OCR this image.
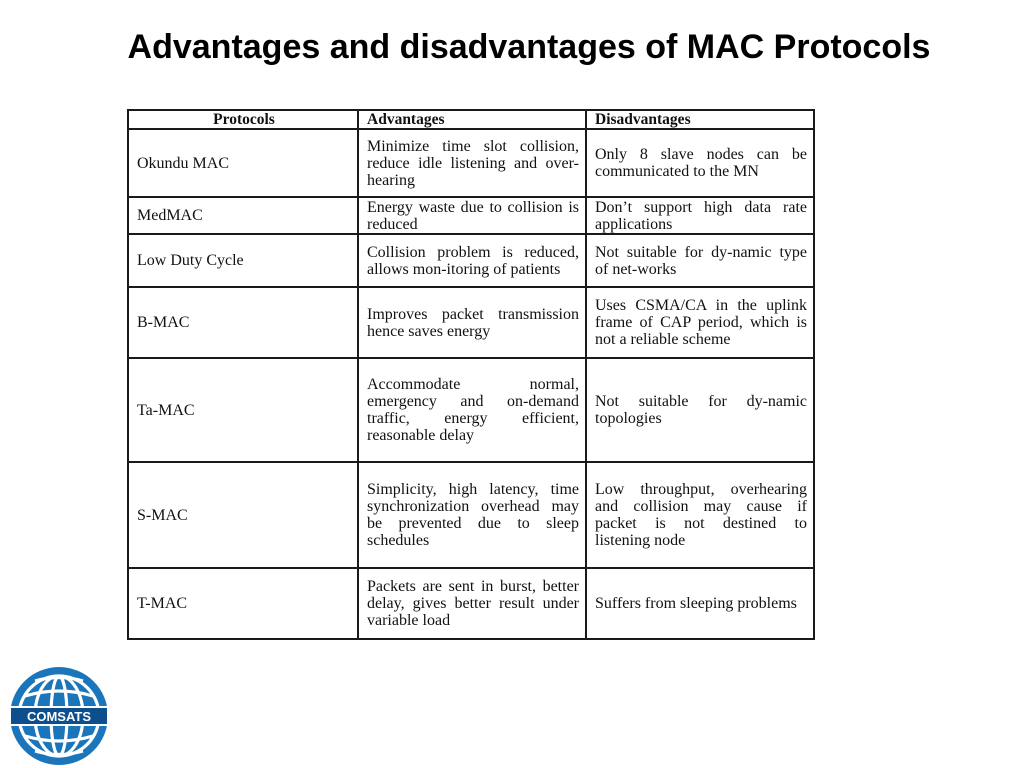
Advantages and disadvantages of MAC Protocols
Protocols	Advantages	Disadvantages
Okundu MAC	Minimize time slot collision, reduce idle listening and over-hearing	Only 8 slave nodes can be communicated to the MN
MedMAC	Energy waste due to collision is reduced	Don’t support high data rate applications
Low Duty Cycle	Collision problem is reduced, allows mon-itoring of patients	Not suitable for dy-namic type of net-works
B-MAC	Improves packet transmission hence saves energy	Uses CSMA/CA in the uplink frame of CAP period, which is not a reliable scheme
Ta-MAC	Accommodate normal, emergency and on-demand traffic, energy efficient, reasonable delay	Not suitable for dy-namic topologies
S-MAC	Simplicity, high latency, time synchronization overhead may be prevented due to sleep schedules	Low throughput, overhearing and collision may cause if packet is not destined to listening node
T-MAC	Packets are sent in burst, better delay, gives better result under variable load	Suffers from sleeping problems
COMSATS
